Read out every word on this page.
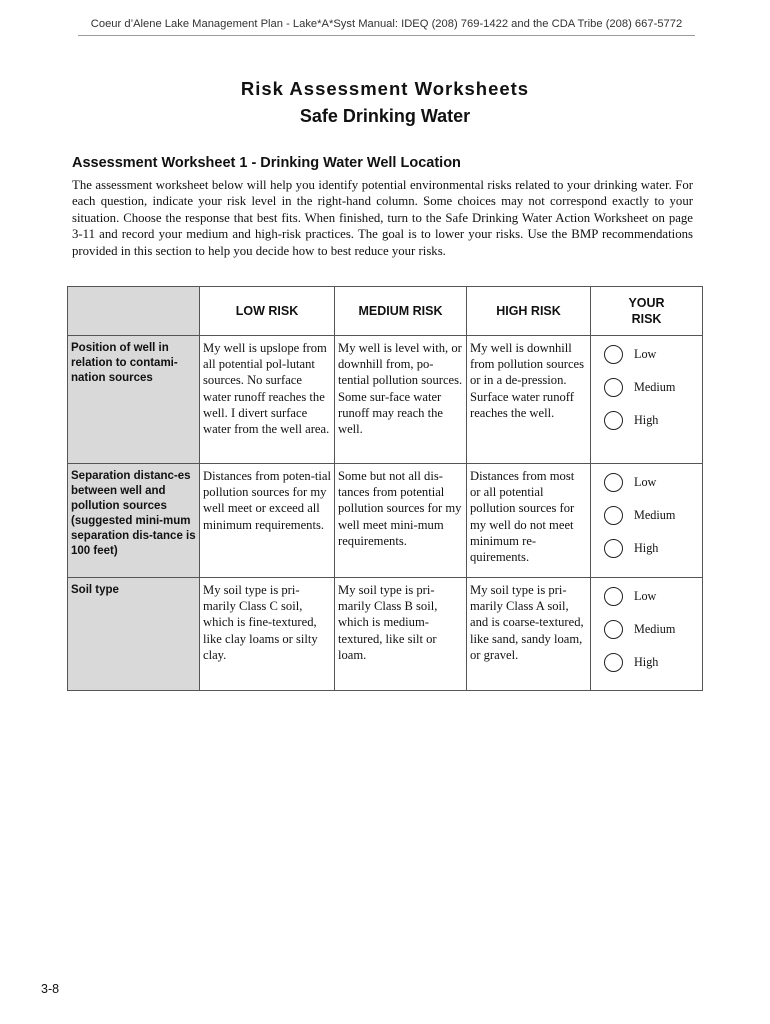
Coeur d’Alene Lake Management Plan - Lake*A*Syst Manual: IDEQ (208) 769-1422 and the CDA Tribe (208) 667-5772
Risk Assessment Worksheets
Safe Drinking Water
Assessment Worksheet 1 - Drinking Water Well Location

The assessment worksheet below will help you identify potential environmental risks related to your drinking water. For each question, indicate your risk level in the right-hand column. Some choices may not correspond exactly to your situation. Choose the response that best fits. When finished, turn to the Safe Drinking Water Action Worksheet on page 3-11 and record your medium and high-risk practices. The goal is to lower your risks. Use the BMP recommendations provided in this section to help you decide how to best reduce your risks.

	LOW RISK	MEDIUM RISK	HIGH RISK	YOUR
RISK
Position of well in relation to contami-nation sources	My well is upslope from all potential pol-lutant sources. No surface water runoff reaches the well. I divert surface water from the well area.	My well is level with, or downhill from, po-tential pollution sources. Some sur-face water runoff may reach the well.	My well is downhill from pollution sources or in a de-pression. Surface water runoff reaches the well.	Low
Medium
High

Separation distanc-es between well and pollution sources (suggested mini-mum separation dis-tance is 100 feet)	Distances from poten-tial pollution sources for my well meet or exceed all minimum requirements.	Some but not all dis-tances from potential pollution sources for my well meet mini-mum requirements.	Distances from most or all potential pollution sources for my well do not meet minimum re-quirements.	Low
Medium
High

Soil type	My soil type is pri-marily Class C soil, which is fine-textured, like clay loams or silty clay.	My soil type is pri-marily Class B soil, which is medium-textured, like silt or loam.	My soil type is pri-marily Class A soil, and is coarse-textured, like sand, sandy loam, or gravel.	Low
Medium
High
3-8
